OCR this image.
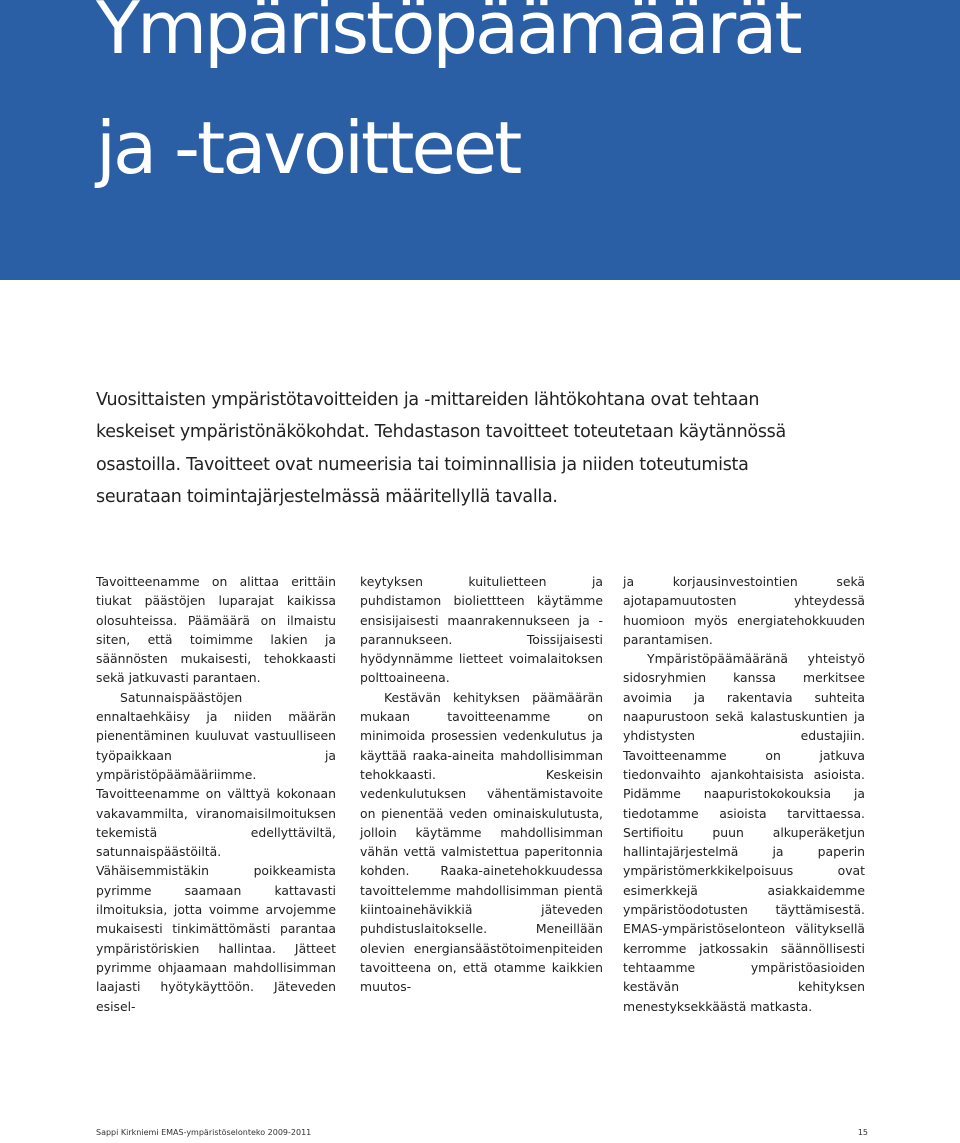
Ympäristöpäämäärät
ja -tavoitteet

Vuosittaisten ympäristötavoitteiden ja -mittareiden lähtökohtana ovat tehtaan keskeiset ympäristönäkökohdat. Tehdastason tavoitteet toteutetaan käytännössä osastoilla. Tavoitteet ovat numeerisia tai toiminnallisia ja niiden toteutumista seurataan toimintajärjestelmässä määritellyllä tavalla.

Tavoitteenamme on alittaa erittäin tiukat päästöjen luparajat kaikissa olosuhteissa. Päämäärä on ilmaistu siten, että toimimme lakien ja säännösten mukaisesti, tehokkaasti sekä jatkuvasti parantaen.

Satunnaispäästöjen ennaltaehkäisy ja niiden määrän pienentäminen kuuluvat vastuulliseen työpaikkaan ja ympäristöpäämääriimme. Tavoitteenamme on välttyä kokonaan vakavammilta, viranomaisilmoituksen tekemistä edellyttäviltä, satunnaispäästöiltä. Vähäisemmistäkin poikkeamista pyrimme saamaan kattavasti ilmoituksia, jotta voimme arvojemme mukaisesti tinkimättömästi parantaa ympäristöriskien hallintaa. Jätteet pyrimme ohjaamaan mahdollisimman laajasti hyötykäyttöön. Jäteveden esisel-

keytyksen kuitulietteen ja puhdistamon bioliettteen käytämme ensisijaisesti maanrakennukseen ja -parannukseen. Toissijaisesti hyödynnämme lietteet voimalaitoksen polttoaineena.

Kestävän kehityksen päämäärän mukaan tavoitteenamme on minimoida prosessien vedenkulutus ja käyttää raaka-aineita mahdollisimman tehokkaasti. Keskeisin vedenkulutuksen vähentämistavoite on pienentää veden ominaiskulutusta, jolloin käytämme mahdollisimman vähän vettä valmistettua paperitonnia kohden. Raaka-ainetehokkuudessa tavoittelemme mahdollisimman pientä kiintoainehävikkiä jäteveden puhdistuslaitokselle. Meneillään olevien energiansäästötoimenpiteiden tavoitteena on, että otamme kaikkien muutos-

ja korjausinvestointien sekä ajotapamuutosten yhteydessä huomioon myös energiatehokkuuden parantamisen.

Ympäristöpäämääränä yhteistyö sidosryhmien kanssa merkitsee avoimia ja rakentavia suhteita naapurustoon sekä kalastuskuntien ja yhdistysten edustajiin. Tavoitteenamme on jatkuva tiedonvaihto ajankohtaisista asioista. Pidämme naapuristokokouksia ja tiedotamme asioista tarvittaessa. Sertifioitu puun alkuperäketjun hallintajärjestelmä ja paperin ympäristömerkkikelpoisuus ovat esimerkkejä asiakkaidemme ympäristöodotusten täyttämisestä. EMAS-ympäristöselonteon välityksellä kerromme jatkossakin säännöllisesti tehtaamme ympäristöasioiden kestävän kehityksen menestyksekkäästä matkasta.

Sappi Kirkniemi EMAS-ympäristöselonteko 2009-2011	15
